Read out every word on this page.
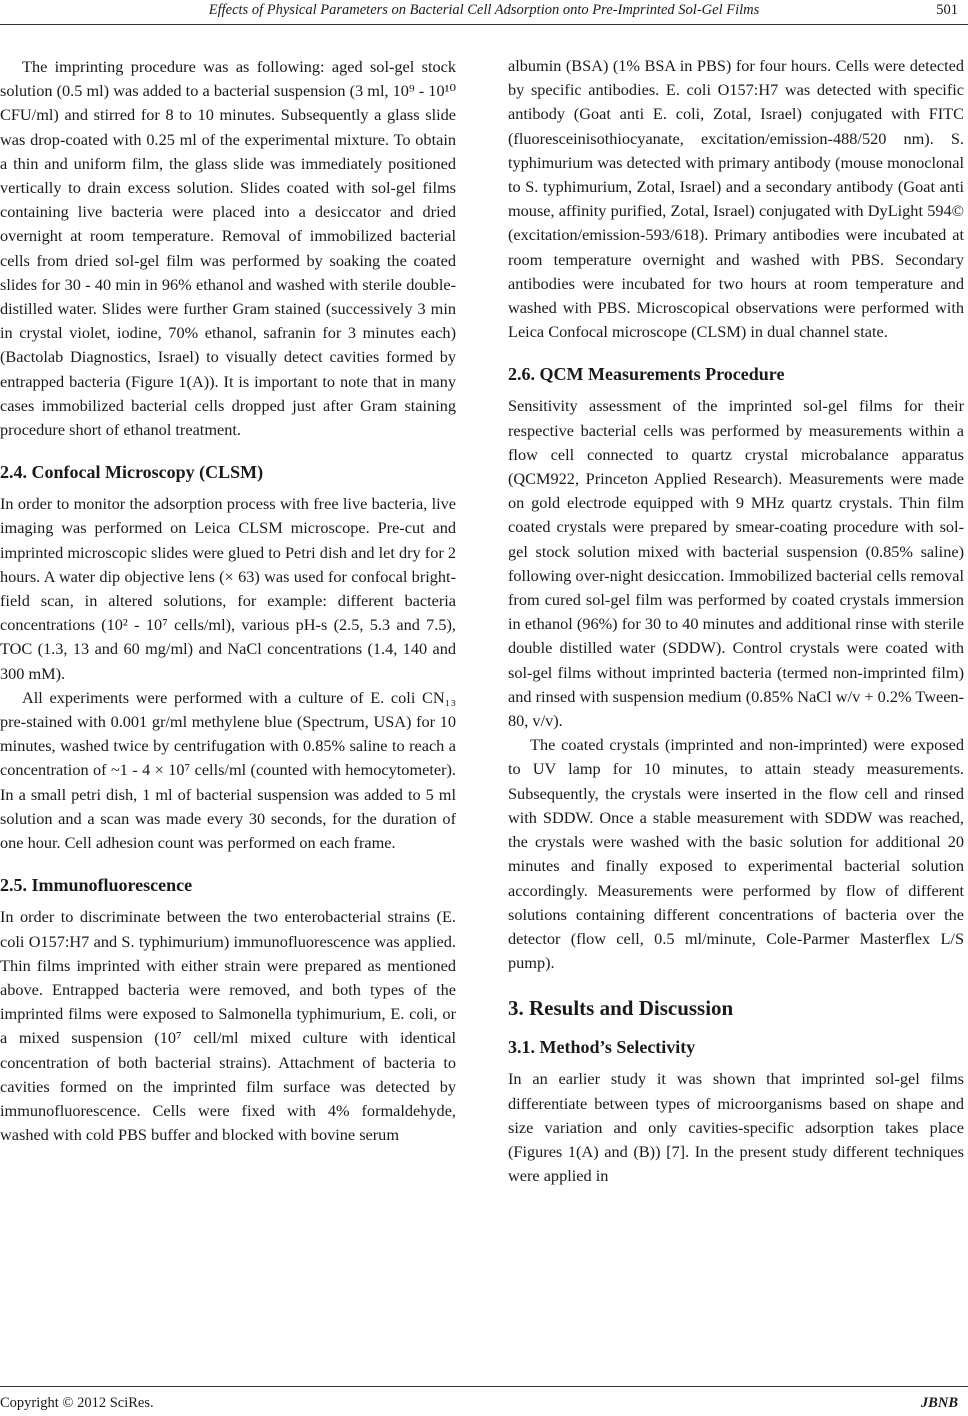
Effects of Physical Parameters on Bacterial Cell Adsorption onto Pre-Imprinted Sol-Gel Films	501

The imprinting procedure was as following: aged sol-gel stock solution (0.5 ml) was added to a bacterial suspension (3 ml, 10⁹ - 10¹⁰ CFU/ml) and stirred for 8 to 10 minutes. Subsequently a glass slide was drop-coated with 0.25 ml of the experimental mixture. To obtain a thin and uniform film, the glass slide was immediately positioned vertically to drain excess solution. Slides coated with sol-gel films containing live bacteria were placed into a desiccator and dried overnight at room temperature. Removal of immobilized bacterial cells from dried sol-gel film was performed by soaking the coated slides for 30 - 40 min in 96% ethanol and washed with sterile double-distilled water. Slides were further Gram stained (successively 3 min in crystal violet, iodine, 70% ethanol, safranin for 3 minutes each) (Bactolab Diagnostics, Israel) to visually detect cavities formed by entrapped bacteria (Figure 1(A)). It is important to note that in many cases immobilized bacterial cells dropped just after Gram staining procedure short of ethanol treatment.

2.4. Confocal Microscopy (CLSM)

In order to monitor the adsorption process with free live bacteria, live imaging was performed on Leica CLSM microscope. Pre-cut and imprinted microscopic slides were glued to Petri dish and let dry for 2 hours. A water dip objective lens (× 63) was used for confocal bright-field scan, in altered solutions, for example: different bacteria concentrations (10² - 10⁷ cells/ml), various pH-s (2.5, 5.3 and 7.5), TOC (1.3, 13 and 60 mg/ml) and NaCl concentrations (1.4, 140 and 300 mM).

All experiments were performed with a culture of E. coli CN₁₃ pre-stained with 0.001 gr/ml methylene blue (Spectrum, USA) for 10 minutes, washed twice by centrifugation with 0.85% saline to reach a concentration of ~1 - 4 × 10⁷ cells/ml (counted with hemocytometer). In a small petri dish, 1 ml of bacterial suspension was added to 5 ml solution and a scan was made every 30 seconds, for the duration of one hour. Cell adhesion count was performed on each frame.

2.5. Immunofluorescence

In order to discriminate between the two enterobacterial strains (E. coli O157:H7 and S. typhimurium) immunofluorescence was applied. Thin films imprinted with either strain were prepared as mentioned above. Entrapped bacteria were removed, and both types of the imprinted films were exposed to Salmonella typhimurium, E. coli, or a mixed suspension (10⁷ cell/ml mixed culture with identical concentration of both bacterial strains). Attachment of bacteria to cavities formed on the imprinted film surface was detected by immunofluorescence. Cells were fixed with 4% formaldehyde, washed with cold PBS buffer and blocked with bovine serum

albumin (BSA) (1% BSA in PBS) for four hours. Cells were detected by specific antibodies. E. coli O157:H7 was detected with specific antibody (Goat anti E. coli, Zotal, Israel) conjugated with FITC (fluoresceinisothiocyanate, excitation/emission-488/520 nm). S. typhimurium was detected with primary antibody (mouse monoclonal to S. typhimurium, Zotal, Israel) and a secondary antibody (Goat anti mouse, affinity purified, Zotal, Israel) conjugated with DyLight 594© (excitation/emission-593/618). Primary antibodies were incubated at room temperature overnight and washed with PBS. Secondary antibodies were incubated for two hours at room temperature and washed with PBS. Microscopical observations were performed with Leica Confocal microscope (CLSM) in dual channel state.

2.6. QCM Measurements Procedure

Sensitivity assessment of the imprinted sol-gel films for their respective bacterial cells was performed by measurements within a flow cell connected to quartz crystal microbalance apparatus (QCM922, Princeton Applied Research). Measurements were made on gold electrode equipped with 9 MHz quartz crystals. Thin film coated crystals were prepared by smear-coating procedure with sol-gel stock solution mixed with bacterial suspension (0.85% saline) following over-night desiccation. Immobilized bacterial cells removal from cured sol-gel film was performed by coated crystals immersion in ethanol (96%) for 30 to 40 minutes and additional rinse with sterile double distilled water (SDDW). Control crystals were coated with sol-gel films without imprinted bacteria (termed non-imprinted film) and rinsed with suspension medium (0.85% NaCl w/v + 0.2% Tween-80, v/v).

The coated crystals (imprinted and non-imprinted) were exposed to UV lamp for 10 minutes, to attain steady measurements. Subsequently, the crystals were inserted in the flow cell and rinsed with SDDW. Once a stable measurement with SDDW was reached, the crystals were washed with the basic solution for additional 20 minutes and finally exposed to experimental bacterial solution accordingly. Measurements were performed by flow of different solutions containing different concentrations of bacteria over the detector (flow cell, 0.5 ml/minute, Cole-Parmer Masterflex L/S pump).

3. Results and Discussion
3.1. Method’s Selectivity

In an earlier study it was shown that imprinted sol-gel films differentiate between types of microorganisms based on shape and size variation and only cavities-specific adsorption takes place (Figures 1(A) and (B)) [7]. In the present study different techniques were applied in

Copyright © 2012 SciRes.	JBNB
